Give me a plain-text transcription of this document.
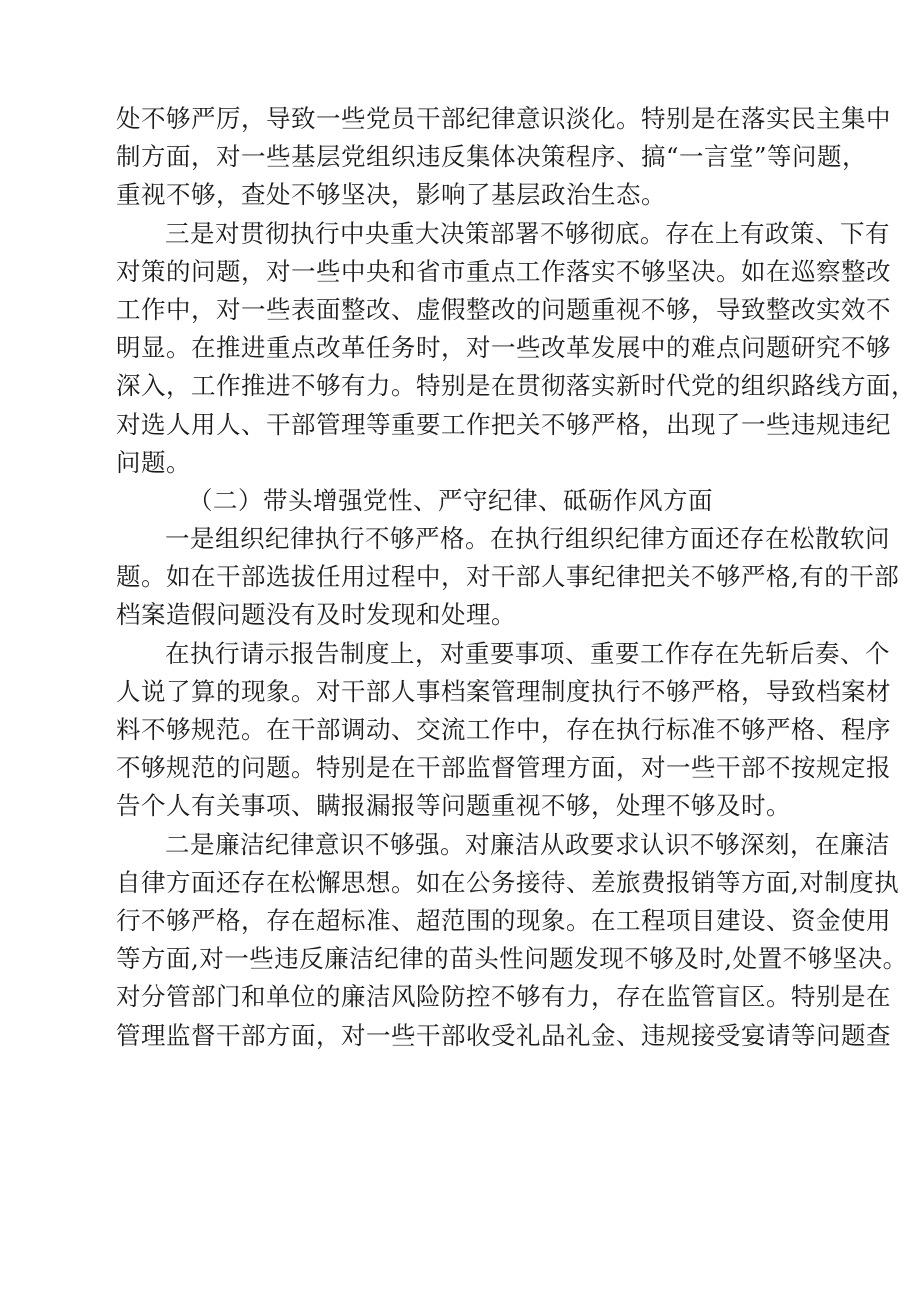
处不够严厉，导致一些党员干部纪律意识淡化。特别是在落实民主集中
制方面，对一些基层党组织违反集体决策程序、搞“一言堂”等问题，
重视不够，查处不够坚决，影响了基层政治生态。
三是对贯彻执行中央重大决策部署不够彻底。存在上有政策、下有
对策的问题，对一些中央和省市重点工作落实不够坚决。如在巡察整改
工作中，对一些表面整改、虚假整改的问题重视不够，导致整改实效不
明显。在推进重点改革任务时，对一些改革发展中的难点问题研究不够
深入，工作推进不够有力。特别是在贯彻落实新时代党的组织路线方面，
对选人用人、干部管理等重要工作把关不够严格，出现了一些违规违纪
问题。
（二）带头增强党性、严守纪律、砥砺作风方面
一是组织纪律执行不够严格。在执行组织纪律方面还存在松散软问
题。如在干部选拔任用过程中，对干部人事纪律把关不够严格,有的干部
档案造假问题没有及时发现和处理。
在执行请示报告制度上，对重要事项、重要工作存在先斩后奏、个
人说了算的现象。对干部人事档案管理制度执行不够严格，导致档案材
料不够规范。在干部调动、交流工作中，存在执行标准不够严格、程序
不够规范的问题。特别是在干部监督管理方面，对一些干部不按规定报
告个人有关事项、瞒报漏报等问题重视不够，处理不够及时。
二是廉洁纪律意识不够强。对廉洁从政要求认识不够深刻，在廉洁
自律方面还存在松懈思想。如在公务接待、差旅费报销等方面,对制度执
行不够严格，存在超标准、超范围的现象。在工程项目建设、资金使用
等方面,对一些违反廉洁纪律的苗头性问题发现不够及时,处置不够坚决。
对分管部门和单位的廉洁风险防控不够有力，存在监管盲区。特别是在
管理监督干部方面，对一些干部收受礼品礼金、违规接受宴请等问题查
